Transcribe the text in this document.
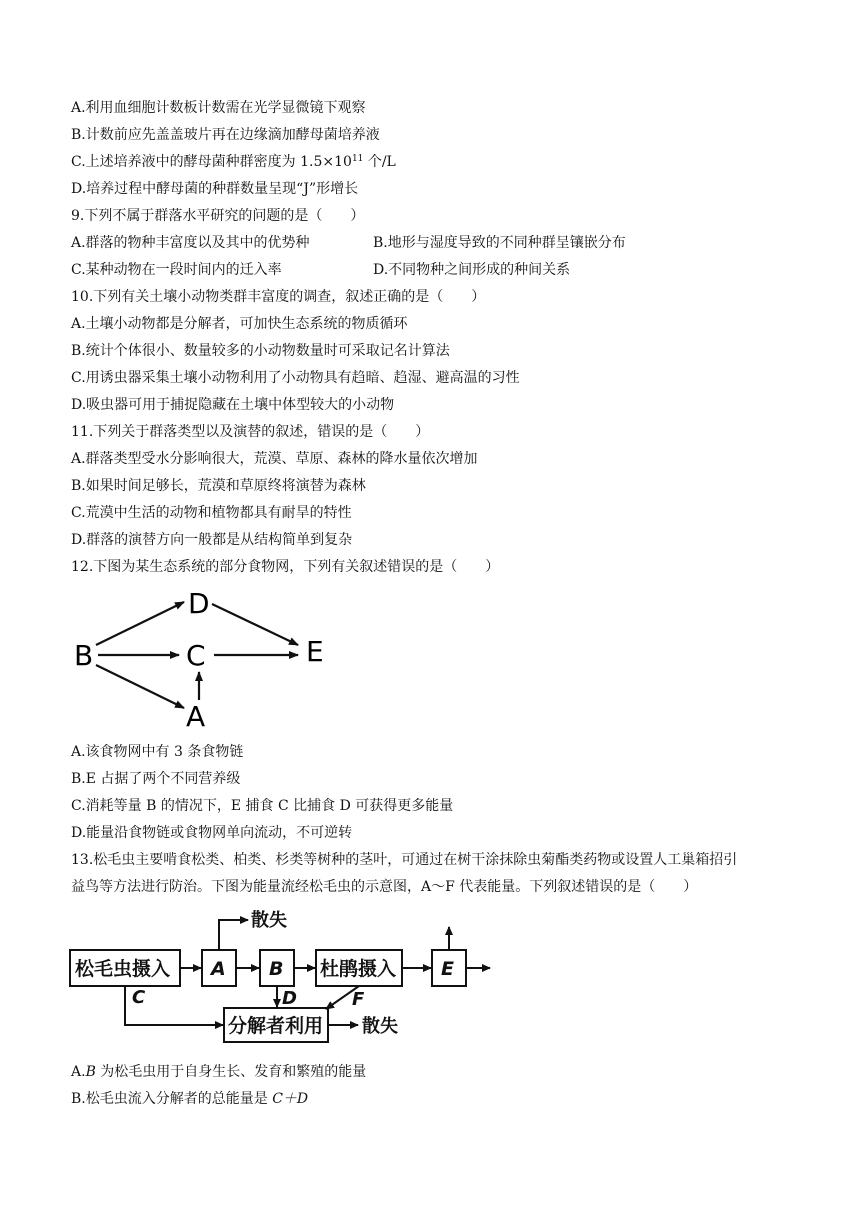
A.利用血细胞计数板计数需在光学显微镜下观察
B.计数前应先盖盖玻片再在边缘滴加酵母菌培养液
C.上述培养液中的酵母菌种群密度为 $1.5\times 10^{11}$ 个/L
D.培养过程中酵母菌的种群数量呈现“J”形增长
9.下列不属于群落水平研究的问题的是（　　）
A.群落的物种丰富度以及其中的优势种	B.地形与湿度导致的不同种群呈镶嵌分布
C.某种动物在一段时间内的迁入率	D.不同物种之间形成的种间关系
10.下列有关土壤小动物类群丰富度的调查，叙述正确的是（　　）
A.土壤小动物都是分解者，可加快生态系统的物质循环
B.统计个体很小、数量较多的小动物数量时可采取记名计算法
C.用诱虫器采集土壤小动物利用了小动物具有趋暗、趋湿、避高温的习性
D.吸虫器可用于捕捉隐藏在土壤中体型较大的小动物
11.下列关于群落类型以及演替的叙述，错误的是（　　）
A.群落类型受水分影响很大，荒漠、草原、森林的降水量依次增加
B.如果时间足够长，荒漠和草原终将演替为森林
C.荒漠中生活的动物和植物都具有耐旱的特性
D.群落的演替方向一般都是从结构简单到复杂
12.下图为某生态系统的部分食物网，下列有关叙述错误的是（　　）
B
D
C	E
A
A.该食物网中有 3 条食物链
B.E 占据了两个不同营养级
C.消耗等量 B 的情况下，E 捕食 C 比捕食 D 可获得更多能量
D.能量沿食物链或食物网单向流动，不可逆转
13.松毛虫主要啃食松类、柏类、杉类等树种的茎叶，可通过在树干涂抹除虫菊酯类药物或设置人工巢箱招引
益鸟等方法进行防治。下图为能量流经松毛虫的示意图，A～F 代表能量。下列叙述错误的是（　　）
松毛虫摄入 A B 杜鹃摄入 E
分解者利用
散失
散失
C	D	F
A.B 为松毛虫用于自身生长、发育和繁殖的能量
B.松毛虫流入分解者的总能量是 C＋D
